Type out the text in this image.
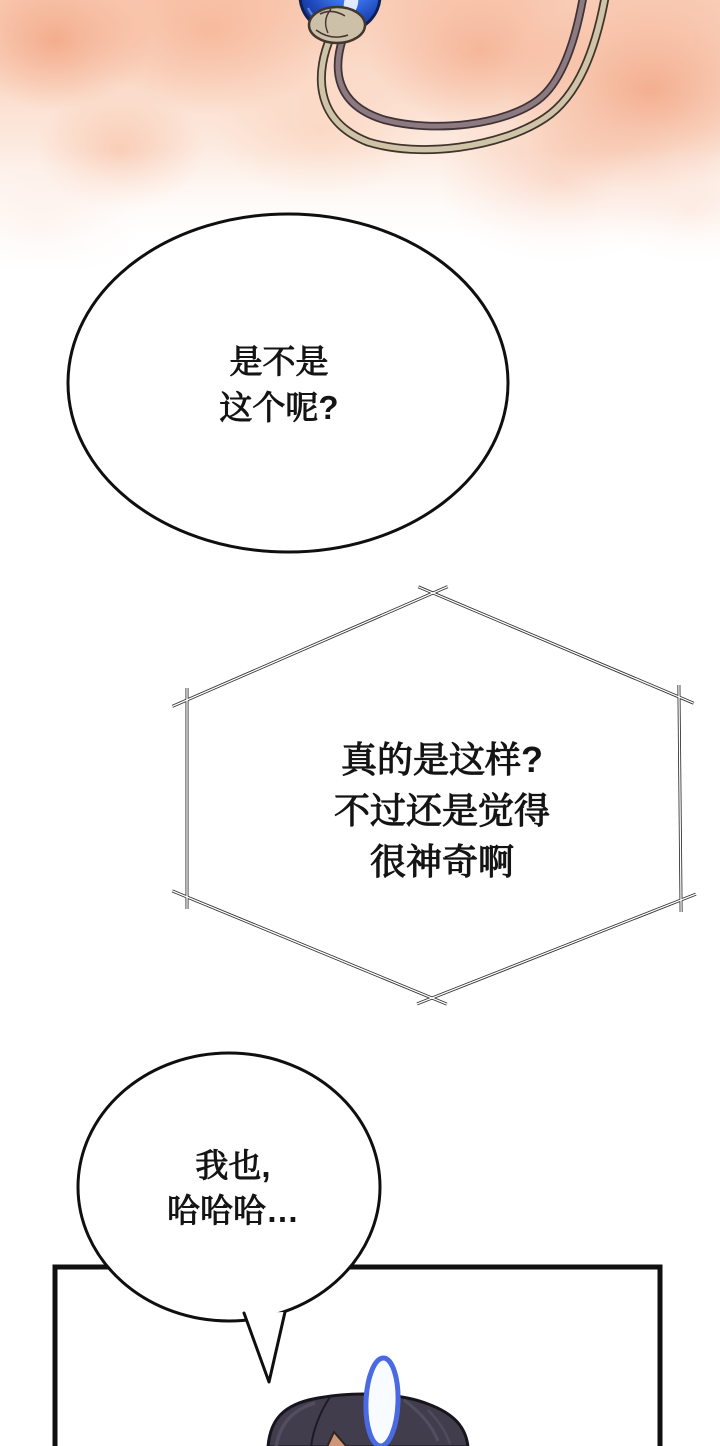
是不是
这个呢?
真的是这样?
不过还是觉得
很神奇啊
我也,
哈哈哈…
